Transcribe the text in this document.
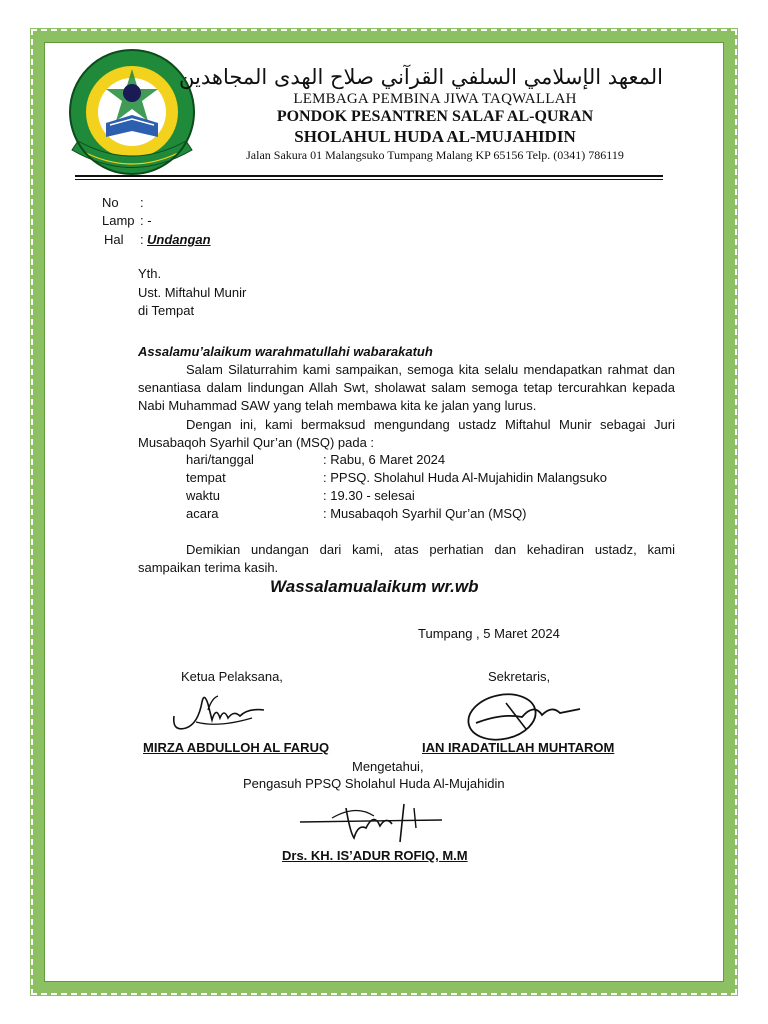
المعهد الإسلامي السلفي القرآني صلاح الهدى المجاهدين
LEMBAGA PEMBINA JIWA TAQWALLAH
PONDOK PESANTREN SALAF AL-QURAN
SHOLAHUL HUDA AL-MUJAHIDIN
Jalan Sakura 01 Malangsuko Tumpang Malang KP 65156 Telp. (0341) 786119
No :
Lamp : -
Hal : Undangan
Yth.
Ust. Miftahul Munir
di Tempat
Assalamu’alaikum warahmatullahi wabarakatuh
Salam Silaturrahim kami sampaikan, semoga kita selalu mendapatkan rahmat dan senantiasa dalam lindungan Allah Swt, sholawat salam semoga tetap tercurahkan kepada Nabi Muhammad SAW yang telah membawa kita ke jalan yang lurus.
Dengan ini, kami bermaksud mengundang ustadz Miftahul Munir sebagai Juri Musabaqoh Syarhil Qur’an (MSQ) pada :
hari/tanggal	: Rabu, 6 Maret 2024
tempat	: PPSQ. Sholahul Huda Al-Mujahidin Malangsuko
waktu	: 19.30 - selesai
acara	: Musabaqoh Syarhil Qur’an (MSQ)
Demikian undangan dari kami, atas perhatian dan kehadiran ustadz, kami sampaikan terima kasih.
Wassalamualaikum wr.wb
Tumpang , 5 Maret 2024
Ketua Pelaksana,	Sekretaris,
MIRZA ABDULLOH AL FARUQ	IAN IRADATILLAH MUHTAROM
Mengetahui,
Pengasuh PPSQ Sholahul Huda Al-Mujahidin
Drs. KH. IS’ADUR ROFIQ, M.M
